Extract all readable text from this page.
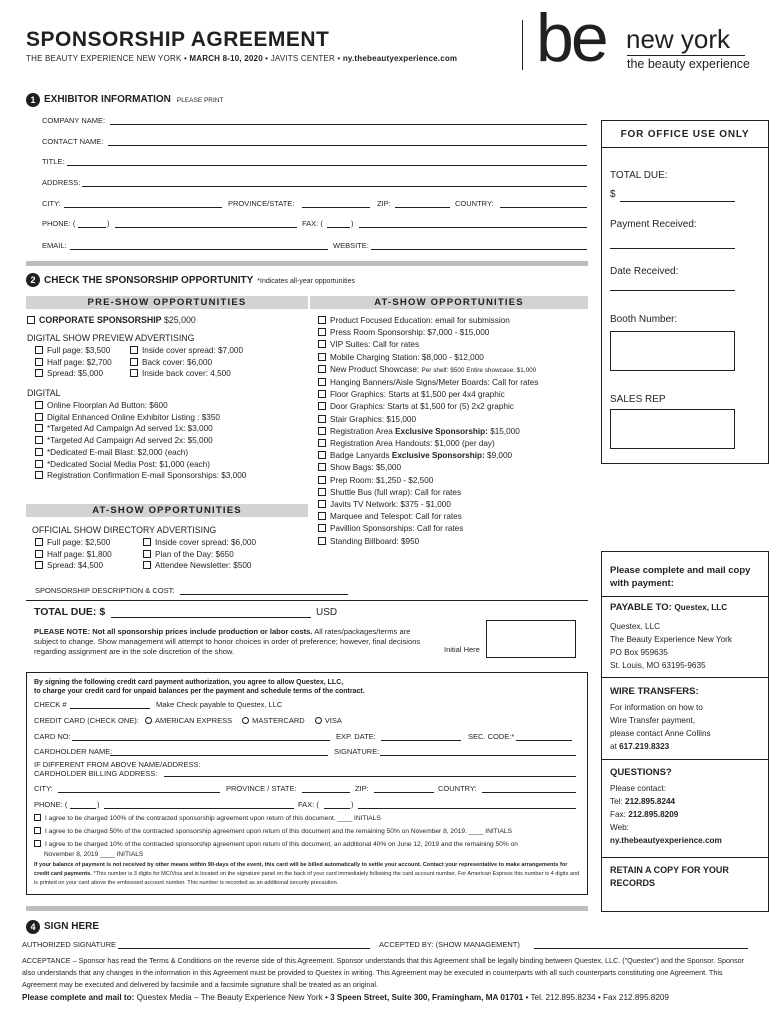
SPONSORSHIP AGREEMENT
THE BEAUTY EXPERIENCE NEW YORK • MARCH 8-10, 2020 • JAVITS CENTER • ny.thebeautyexperience.com be new york
the beauty experience
1 EXHIBITOR INFORMATION PLEASE PRINT
COMPANY NAME:
CONTACT NAME:
TITLE:
ADDRESS:
CITY:	PROVINCE/STATE:	ZIP:	COUNTRY:
PHONE: (	)	FAX: (	)
EMAIL:	WEBSITE:
FOR OFFICE USE ONLY
TOTAL DUE:
$
Payment Received:
Date Received:
Booth Number:
SALES REP
2 CHECK THE SPONSORSHIP OPPORTUNITY *Indicates all-year opportunities
PRE-SHOW OPPORTUNITIES	AT-SHOW OPPORTUNITIES
CORPORATE SPONSORSHIP $25,000
DIGITAL SHOW PREVIEW ADVERTISING
Full page: $3,500
Half page: $2,700
Spread: $5,000
Inside cover spread: $7,000
Back cover: $6,000
Inside back cover: 4,500
DIGITAL
Online Floorplan Ad Button: $600
Digital Enhanced Online Exhibitor Listing : $350
*Targeted Ad Campaign Ad served 1x: $3,000
*Targeted Ad Campaign Ad served 2x: $5,000
*Dedicated E-mail Blast: $2,000 (each)
*Dedicated Social Media Post: $1,000 (each)
Registration Confirmation E-mail Sponsorships: $3,000
AT-SHOW OPPORTUNITIES
OFFICIAL SHOW DIRECTORY ADVERTISING
Full page: $2,500
Half page: $1,800
Spread: $4,500
Inside cover spread: $6,000
Plan of the Day: $650
Attendee Newsletter: $500
Product Focused Education: email for submission
Press Room Sponsorship: $7,000 - $15,000
VIP Suites: Call for rates
Mobile Charging Station: $8,000 - $12,000
New Product Showcase: Per shelf: $500 Entire showcase: $1,000
Hanging Banners/Aisle Signs/Meter Boards: Call for rates
Floor Graphics: Starts at $1,500 per 4x4 graphic
Door Graphics: Starts at $1,500 for (5) 2x2 graphic
Stair Graphics: $15,000
Registration Area Exclusive Sponsorship: $15,000
Registration Area Handouts: $1,000 (per day)
Badge Lanyards Exclusive Sponsorship: $9,000
Show Bags: $5,000
Prep Room: $1,250 - $2,500
Shuttle Bus (full wrap): Call for rates
Javits TV Network: $375 - $1,000
Marquee and Telespot: Call for rates
Pavillion Sponsorships: Call for rates
Standing Billboard: $950
SPONSORSHIP DESCRIPTION & COST:
TOTAL DUE: $	USD
PLEASE NOTE: Not all sponsorship prices include production or labor costs. All rates/packages/terms are subject to change. Show management will attempt to honor choices in order of preference; however, final decisions regarding assignment are in the sole discretion of the show.	Initial Here
By signing the following credit card payment authorization, you agree to allow Questex, LLC,
to charge your credit card for unpaid balances per the payment and schedule terms of the contract.
CHECK #	Make Check payable to Questex, LLC
CREDIT CARD (CHECK ONE): AMERICAN EXPRESS	MASTERCARD	VISA
CARD NO:	EXP. DATE:	SEC. CODE:*
CARDHOLDER NAME:	SIGNATURE:
IF DIFFERENT FROM ABOVE NAME/ADDRESS:
CARDHOLDER BILLING ADDRESS:
CITY:	PROVINCE / STATE:	ZIP:	COUNTRY:
PHONE: (	)	FAX: (	)
I agree to be charged 100% of the contracted sponsorship agreement upon return of this document. ____ INITIALS
I agree to be charged 50% of the contracted sponsorship agreement upon return of this document and the remaining 50% on November 8, 2019. ____ INITIALS
I agree to be charged 10% of the contracted sponsorship agreement upon return of this document, an additional 40% on June 12, 2019 and the remaining 50% on
November 8, 2019 ____ INITIALS
If your balance of payment is not received by other means within 90-days of the event, this card will be billed automatically to settle your account. Contact your representative to make arrangements for credit card payments. *This number is 3 digits for MC/Visa and is located on the signature panel on the back of your card immediately following the card account number. For American Express this number is 4 digits and is printed on your card above the embossed account number. This number is recorded as an additional security precaution.
Please complete and mail copy with payment:
PAYABLE TO: Questex, LLC
Questex, LLC
The Beauty Experience New York
PO Box 959635
St. Louis, MO 63195-9635
WIRE TRANSFERS:
For information on how to
Wire Transfer payment,
please contact Anne Collins
at 617.219.8323
QUESTIONS?
Please contact:
Tel: 212.895.8244
Fax: 212.895.8209
Web:
ny.thebeautyexperience.com
RETAIN A COPY FOR YOUR RECORDS
4 SIGN HERE
AUTHORIZED SIGNATURE	ACCEPTED BY: (SHOW MANAGEMENT)
ACCEPTANCE – Sponsor has read the Terms & Conditions on the reverse side of this Agreement. Sponsor understands that this Agreement shall be legally binding between Questex, LLC. ("Questex") and the Sponsor. Sponsor also understands that any changes in the information in this Agreement must be provided to Questex in writing. This Agreement may be executed in counterparts with all such counterparts constituting one Agreement. This Agreement may be executed and delivered by facsimile and a facsimile signature shall be treated as an original.
Please complete and mail to: Questex Media – The Beauty Experience New York • 3 Speen Street, Suite 300, Framingham, MA 01701 • Tel. 212.895.8234 • Fax 212.895.8209
